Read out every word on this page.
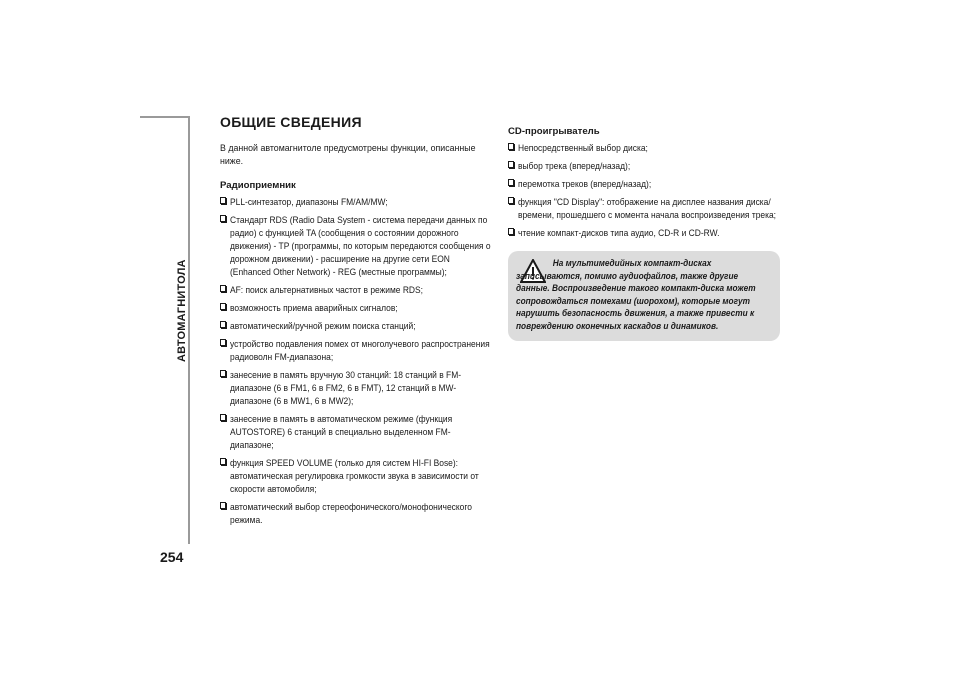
АВТОМАГНИТОЛА
254
ОБЩИЕ СВЕДЕНИЯ
В данной автомагнитоле предусмотрены функции, описанные ниже.
Радиоприемник
PLL-синтезатор, диапазоны FM/AM/MW;
Стандарт RDS (Radio Data System - система передачи данных по радио) с функцией TA (сообщения о состоянии дорожного движения) - TP (программы, по которым передаются сообщения о дорожном движении) - расширение на другие сети EON (Enhanced Other Network) - REG (местные программы);
AF: поиск альтернативных частот в режиме RDS;
возможность приема аварийных сигналов;
автоматический/ручной режим поиска станций;
устройство подавления помех от многолучевого распространения радиоволн FM-диапазона;
занесение в память вручную 30 станций: 18 станций в FM-диапазоне (6 в FM1, 6 в FM2, 6 в FMT), 12 станций в MW-диапазоне (6 в MW1, 6 в MW2);
занесение в память в автоматическом режиме (функция AUTOSTORE) 6 станций в специально выделенном FM-диапазоне;
функция SPEED VOLUME (только для систем HI-FI Bose): автоматическая регулировка громкости звука в зависимости от скорости автомобиля;
автоматический выбор стереофонического/монофонического режима.
CD-проигрыватель
Непосредственный выбор диска;
выбор трека (вперед/назад);
перемотка треков (вперед/назад);
функция "CD Display": отображение на дисплее названия диска/времени, прошедшего с момента начала воспроизведения трека;
чтение компакт-дисков типа аудио, CD-R и CD-RW.
На мультимедийных компакт-дисках записываются, помимо аудиофайлов, также другие данные. Воспроизведение такого компакт-диска может сопровождаться помехами (шорохом), которые могут нарушить безопасность движения, а также привести к повреждению оконечных каскадов и динамиков.
